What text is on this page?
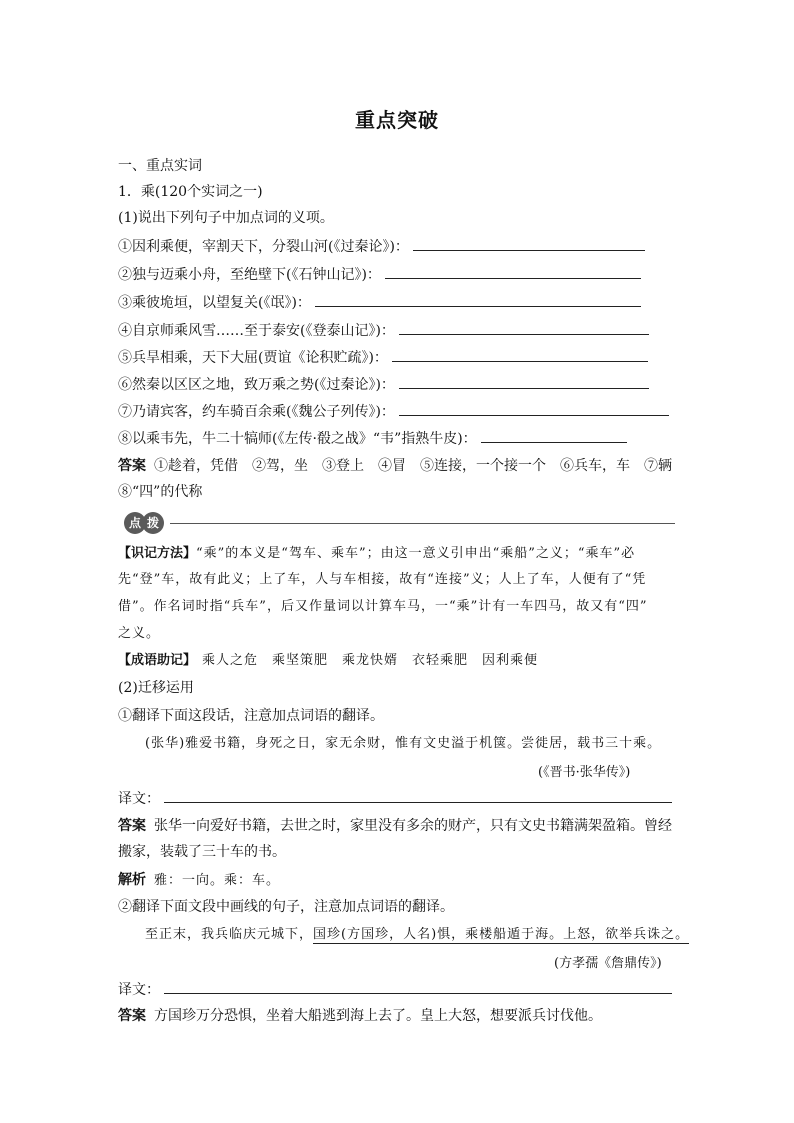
重点突破
一、重点实词
1．乘(120个实词之一)
(1)说出下列句子中加点词的义项。
①因利乘便，宰割天下，分裂山河(《过秦论》)：
②独与迈乘小舟，至绝壁下(《石钟山记》)：
③乘彼垝垣，以望复关(《氓》)：
④自京师乘风雪……至于泰安(《登泰山记》)：
⑤兵旱相乘，天下大屈(贾谊《论积贮疏》)：
⑥然秦以区区之地，致万乘之势(《过秦论》)：
⑦乃请宾客，约车骑百余乘(《魏公子列传》)：
⑧以乘韦先，牛二十犒师(《左传·殽之战》“韦”指熟牛皮)：
答案 ①趁着，凭借　②驾，坐　③登上　④冒　⑤连接，一个接一个　⑥兵车，车　⑦辆
⑧“四”的代称
点 拨
【识记方法】“乘”的本义是“驾车、乘车”；由这一意义引申出“乘船”之义；“乘车”必
先“登”车，故有此义；上了车，人与车相接，故有“连接”义；人上了车，人便有了“凭
借”。作名词时指“兵车”，后又作量词以计算车马，一“乘”计有一车四马，故又有“四”
之义。
【成语助记】 乘人之危　乘坚策肥　乘龙快婿　衣轻乘肥　因利乘便
(2)迁移运用
①翻译下面这段话，注意加点词语的翻译。
(张华)雅爱书籍，身死之日，家无余财，惟有文史溢于机箧。尝徙居，载书三十乘。
(《晋书·张华传》)
译文：
答案 张华一向爱好书籍，去世之时，家里没有多余的财产，只有文史书籍满架盈箱。曾经
搬家，装载了三十车的书。
解析 雅：一向。乘：车。
②翻译下面文段中画线的句子，注意加点词语的翻译。
至正末，我兵临庆元城下，国珍(方国珍，人名)惧，乘楼船遁于海。上怒，欲举兵诛之。
(方孝孺《詹鼎传》)
译文：
答案 方国珍万分恐惧，坐着大船逃到海上去了。皇上大怒，想要派兵讨伐他。
